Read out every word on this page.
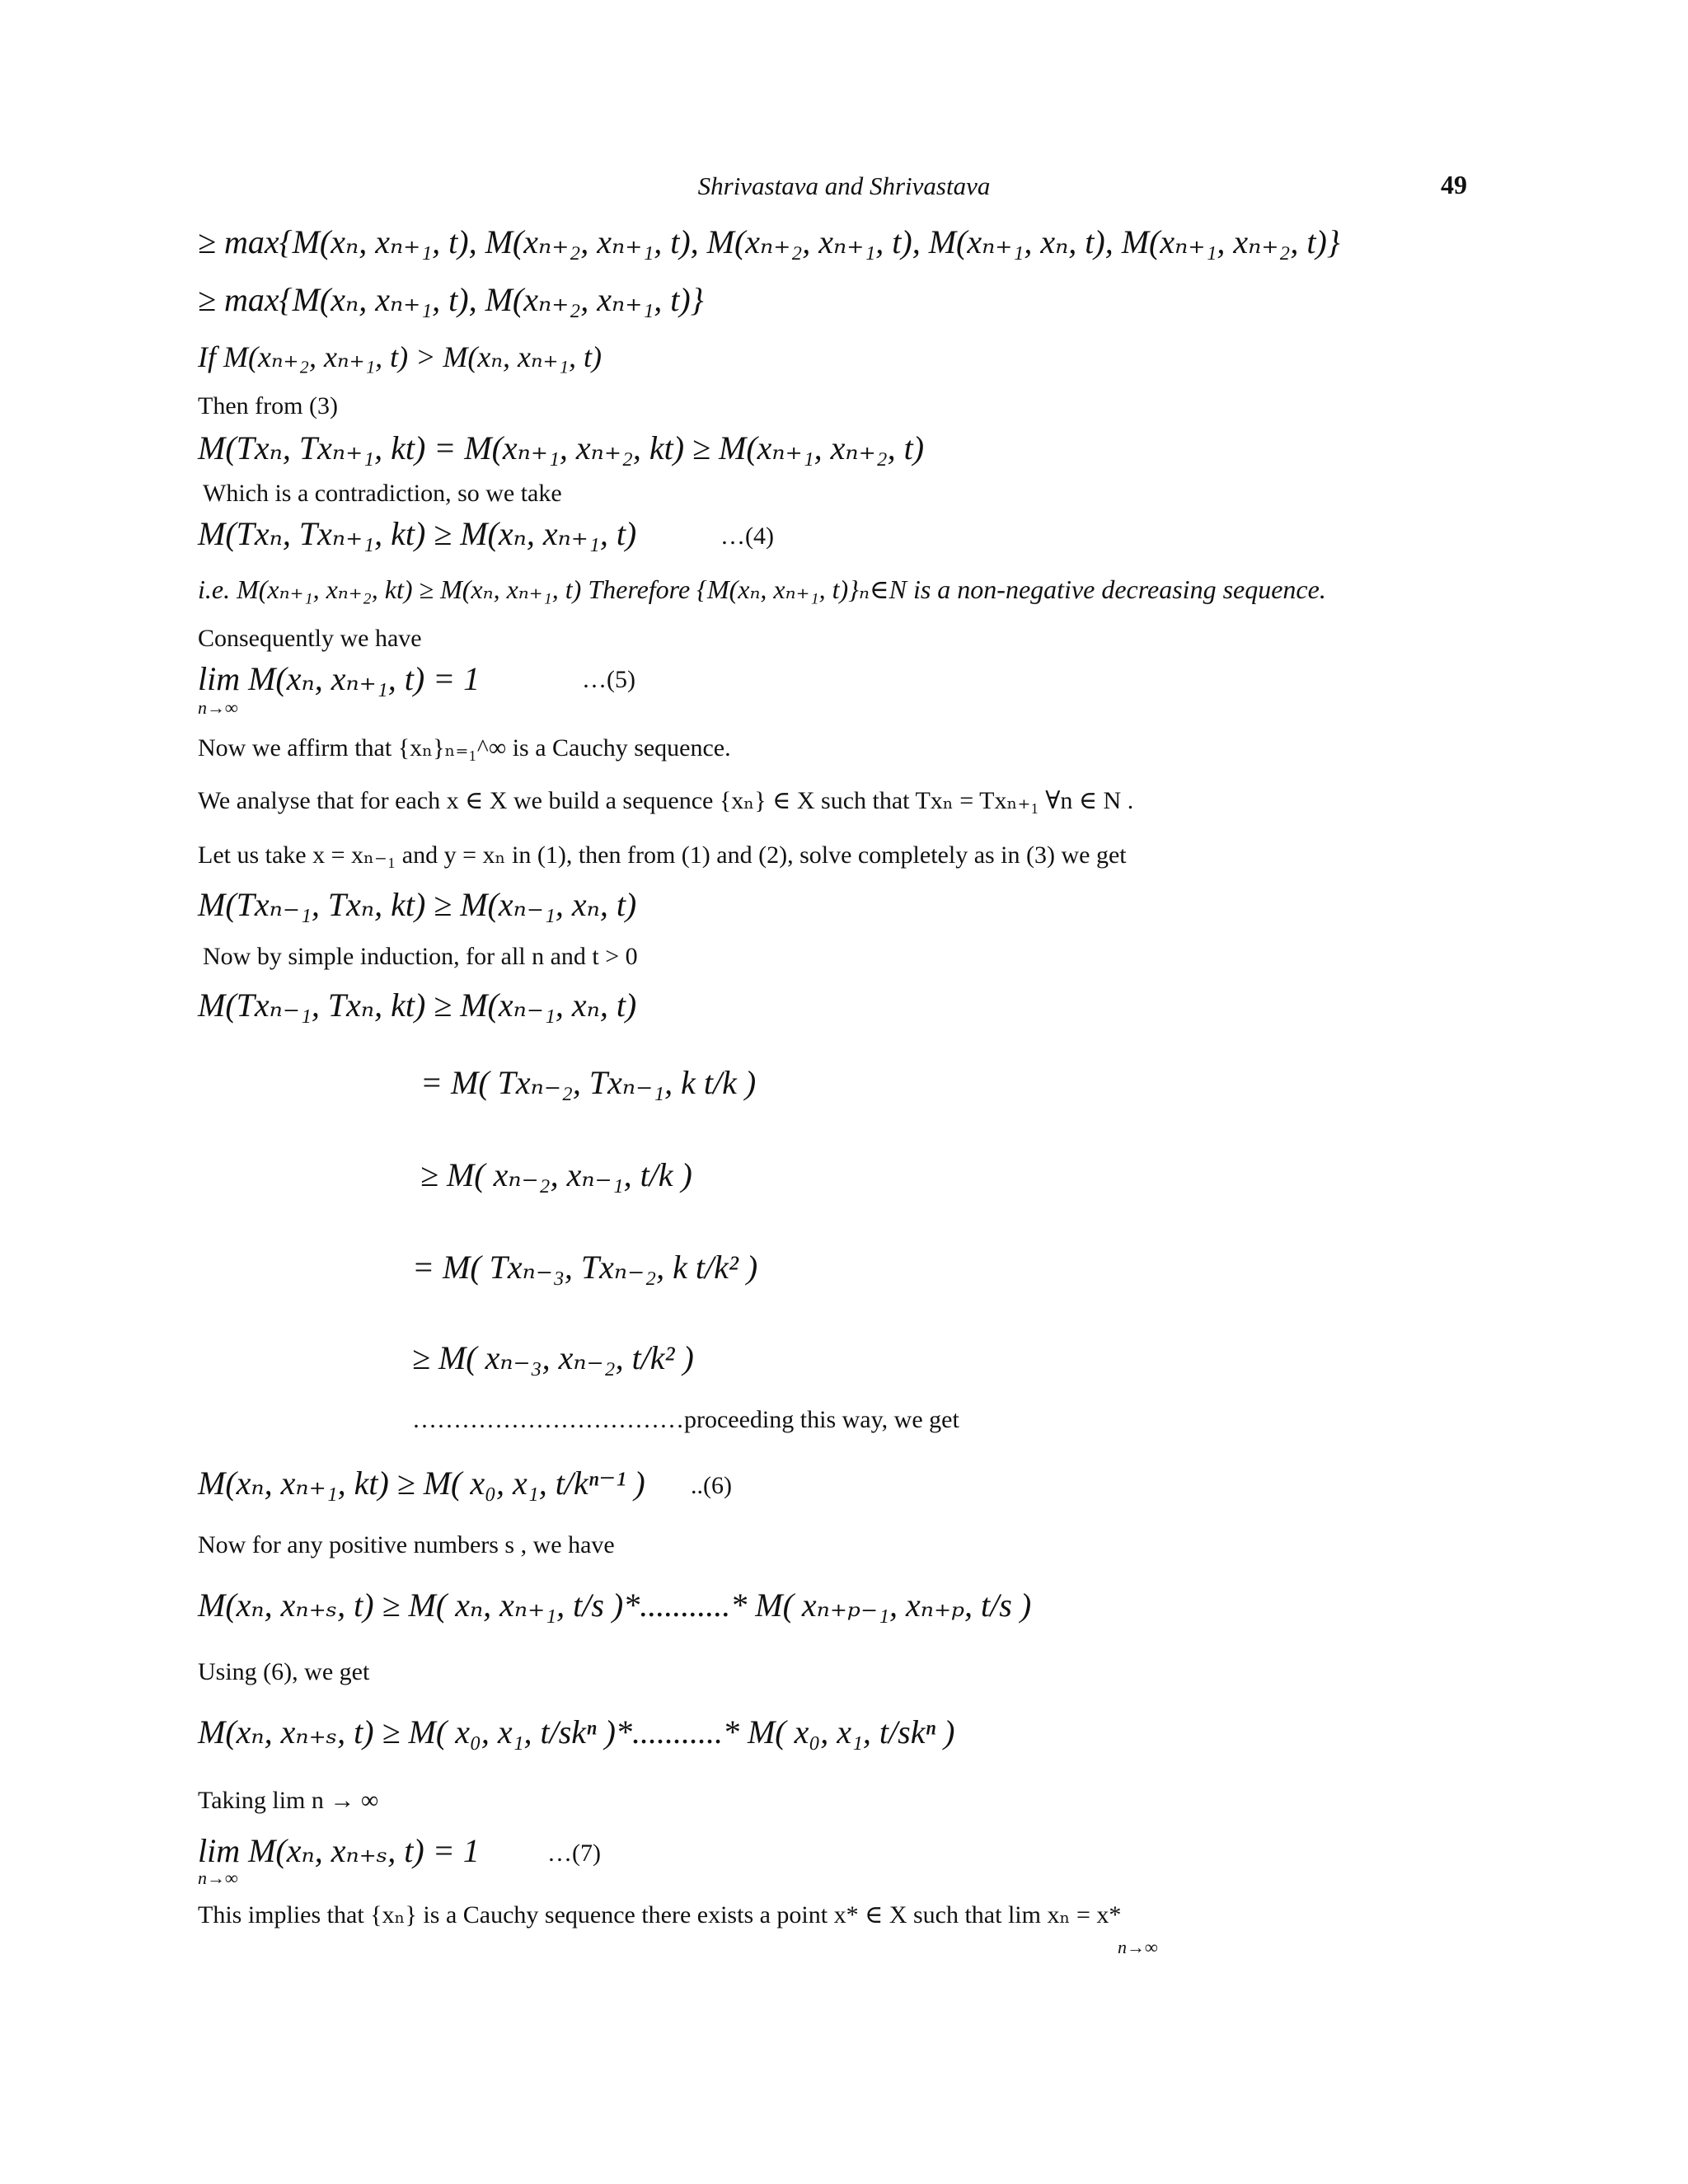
Shrivastava and Shrivastava	49
≥ max{M(xₙ, xₙ₊₁, t), M(xₙ₊₂, xₙ₊₁, t), M(xₙ₊₂, xₙ₊₁, t), M(xₙ₊₁, xₙ, t), M(xₙ₊₁, xₙ₊₂, t)}
≥ max{M(xₙ, xₙ₊₁, t), M(xₙ₊₂, xₙ₊₁, t)}
If M(xₙ₊₂, xₙ₊₁, t) > M(xₙ, xₙ₊₁, t)
Then from (3)
M(Txₙ, Txₙ₊₁, kt) = M(xₙ₊₁, xₙ₊₂, kt) ≥ M(xₙ₊₁, xₙ₊₂, t)
Which is a contradiction, so we take
M(Txₙ, Txₙ₊₁, kt) ≥ M(xₙ, xₙ₊₁, t)	…(4)
i.e. M(xₙ₊₁, xₙ₊₂, kt) ≥ M(xₙ, xₙ₊₁, t) Therefore {M(xₙ, xₙ₊₁, t)}ₙ∈N is a non-negative decreasing sequence.
Consequently we have
lim M(xₙ, xₙ₊₁, t) = 1
n→∞
…(5)
Now we affirm that {xₙ}ₙ₌₁^∞ is a Cauchy sequence.
We analyse that for each x ∈ X we build a sequence {xₙ} ∈ X such that Txₙ = Txₙ₊₁ ∀n ∈ N .
Let us take x = xₙ₋₁ and y = xₙ in (1), then from (1) and (2), solve completely as in (3) we get
M(Txₙ₋₁, Txₙ, kt) ≥ M(xₙ₋₁, xₙ, t)
Now by simple induction, for all n and t > 0
M(Txₙ₋₁, Txₙ, kt) ≥ M(xₙ₋₁, xₙ, t)
= M( Txₙ₋₂, Txₙ₋₁, k t/k )
≥ M( xₙ₋₂, xₙ₋₁, t/k )
= M( Txₙ₋₃, Txₙ₋₂, k t/k² )
≥ M( xₙ₋₃, xₙ₋₂, t/k² )
……………………………proceeding this way, we get
M(xₙ, xₙ₊₁, kt) ≥ M( x₀, x₁, t/kⁿ⁻¹ ) ..(6)
Now for any positive numbers s , we have
M(xₙ, xₙ₊ₛ, t) ≥ M( xₙ, xₙ₊₁, t/s )*...........* M( xₙ₊ₚ₋₁, xₙ₊ₚ, t/s )
Using (6), we get
M(xₙ, xₙ₊ₛ, t) ≥ M( x₀, x₁, t/skⁿ )*...........* M( x₀, x₁, t/skⁿ )
Taking lim n → ∞
lim M(xₙ, xₙ₊ₛ, t) = 1
n→∞
…(7)
This implies that {xₙ} is a Cauchy sequence there exists a point x* ∈ X such that lim xₙ = x*
n→∞
